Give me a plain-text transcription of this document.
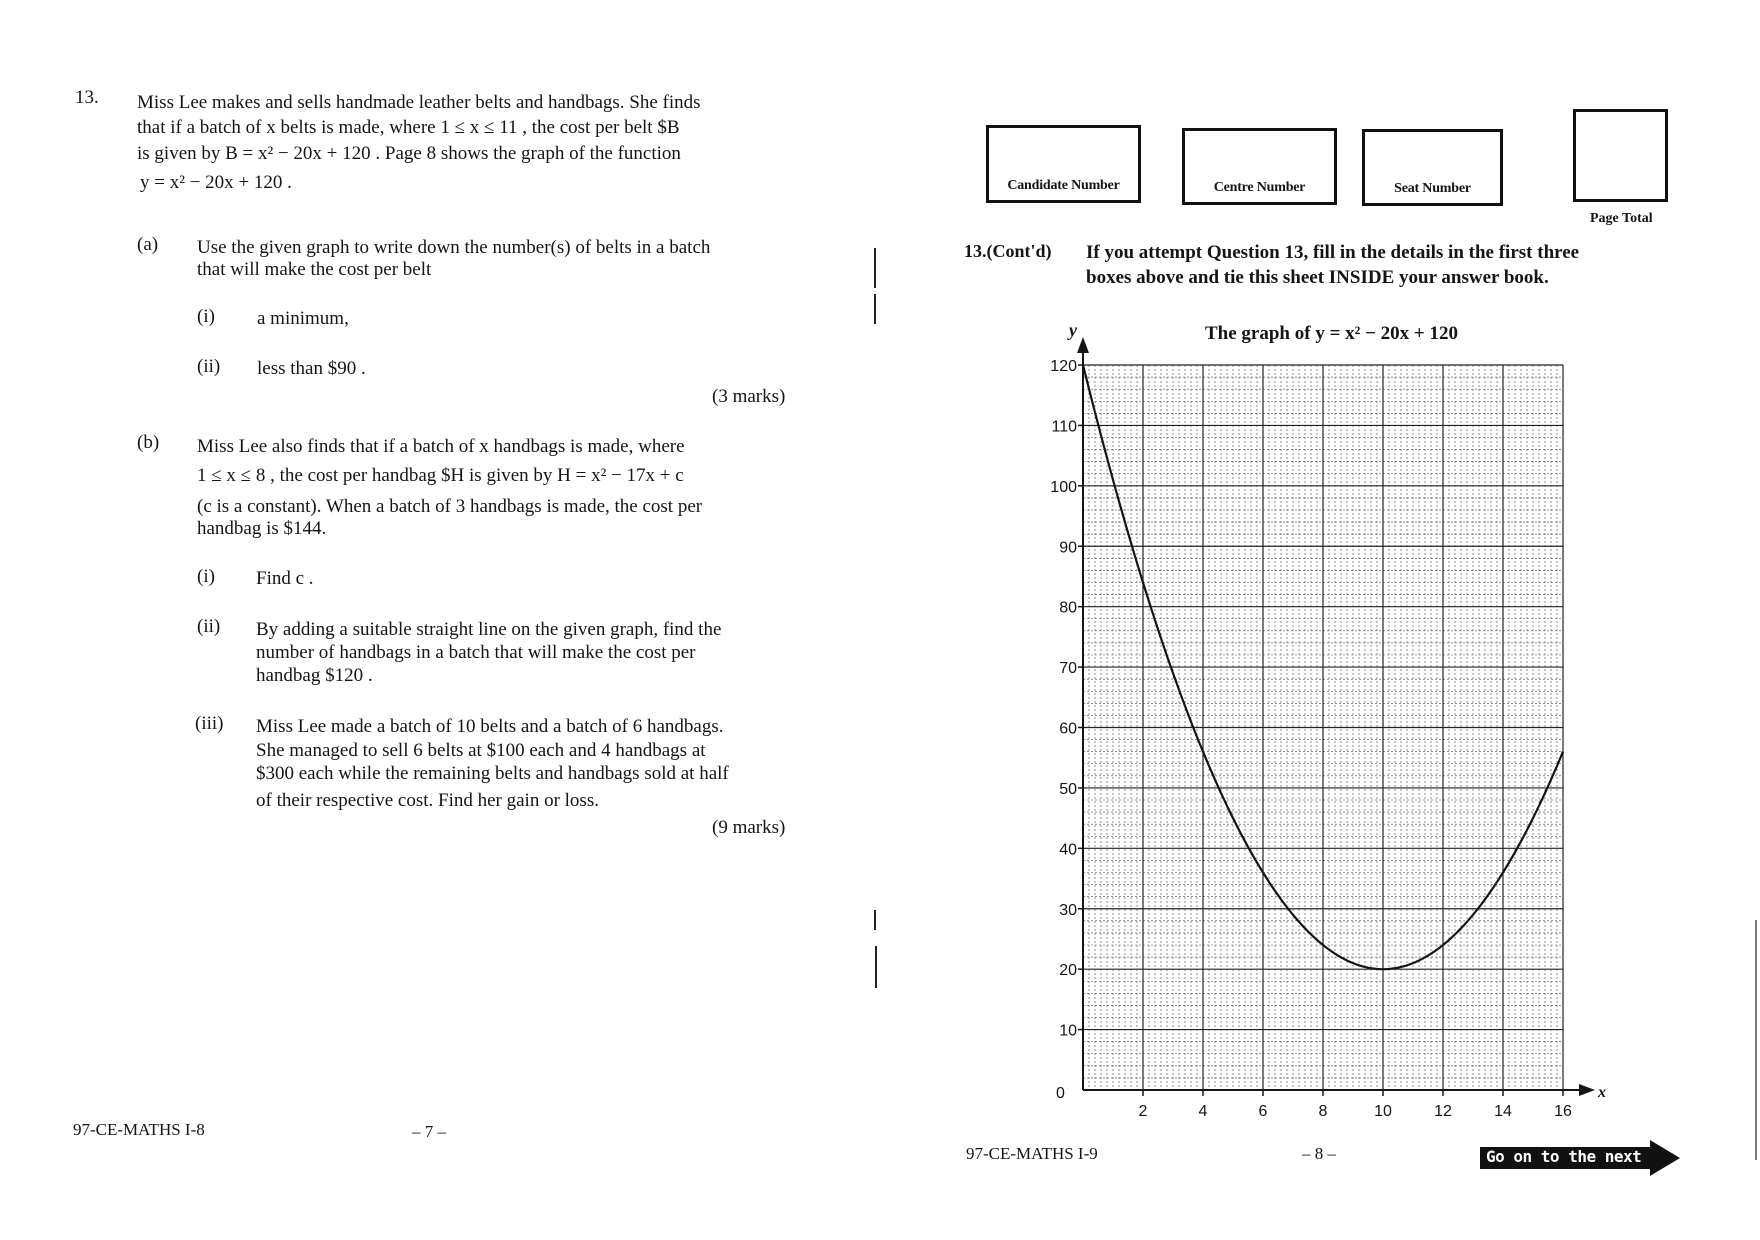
13. Miss Lee makes and sells handmade leather belts and handbags. She finds
that if a batch of x belts is made, where 1 ≤ x ≤ 11 , the cost per belt $B
is given by B = x² − 20x + 120 . Page 8 shows the graph of the function
y = x² − 20x + 120 .
(a) Use the given graph to write down the number(s) of belts in a batch
that will make the cost per belt
(i) a minimum,
(ii) less than $90 .
(3 marks)
(b) Miss Lee also finds that if a batch of x handbags is made, where
1 ≤ x ≤ 8 , the cost per handbag $H is given by H = x² − 17x + c
(c is a constant). When a batch of 3 handbags is made, the cost per
handbag is $144.
(i) Find c .
(ii) By adding a suitable straight line on the given graph, find the
number of handbags in a batch that will make the cost per
handbag $120 .
(iii) Miss Lee made a batch of 10 belts and a batch of 6 handbags.
She managed to sell 6 belts at $100 each and 4 handbags at
$300 each while the remaining belts and handbags sold at half
of their respective cost. Find her gain or loss.
(9 marks)
97-CE-MATHS I-8	– 7 –
Candidate Number	Centre Number	Seat Number
Page Total
13.(Cont'd) If you attempt Question 13, fill in the details in the first three
boxes above and tie this sheet INSIDE your answer book.
2	4	6	8	10	12	14	16
10
20
30
40
50
60
70
80
90
100
110
120
The graph of y = x² − 20x + 120
y
x
0
97-CE-MATHS I-9	– 8 –	Go on to the next page
